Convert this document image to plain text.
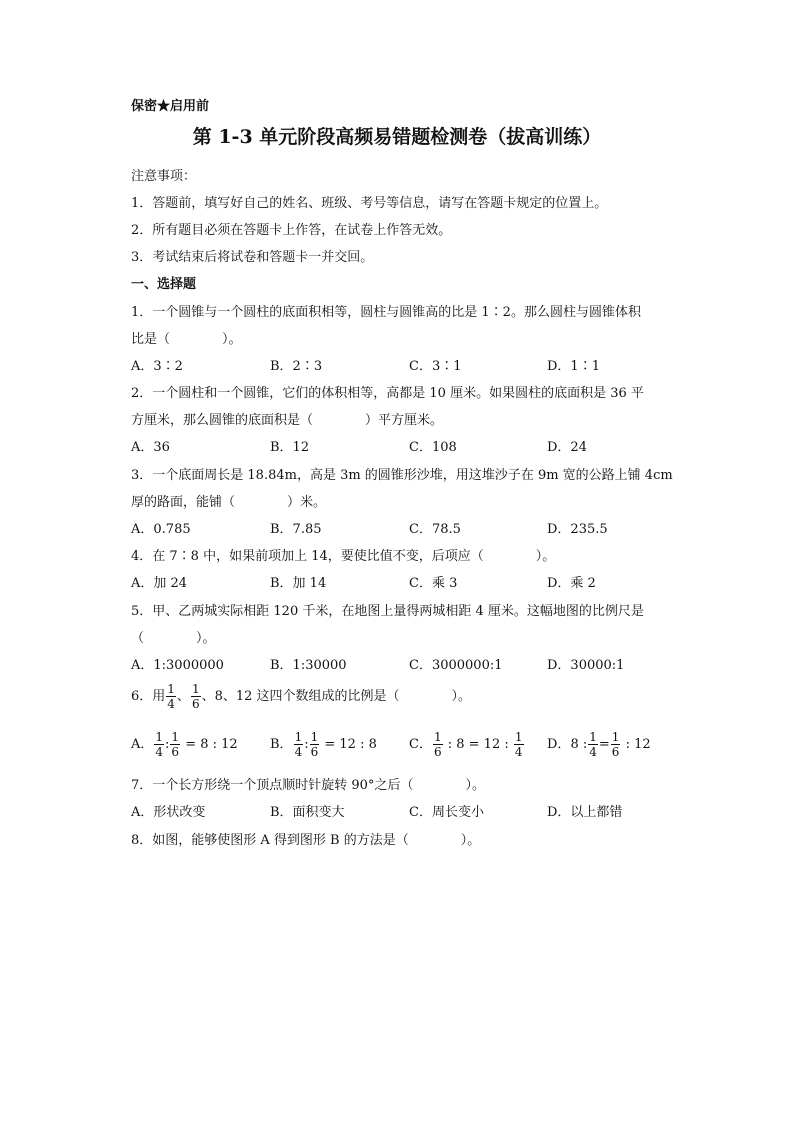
保密★启用前
第 1-3 单元阶段高频易错题检测卷（拔高训练）
注意事项：
1．答题前，填写好自己的姓名、班级、考号等信息，请写在答题卡规定的位置上。
2．所有题目必须在答题卡上作答，在试卷上作答无效。
3．考试结束后将试卷和答题卡一并交回。
一、选择题
1．一个圆锥与一个圆柱的底面积相等，圆柱与圆锥高的比是 1∶2。那么圆柱与圆锥体积
比是（　　　　）。
A．3∶2	B．2∶3	C．3∶1	D．1∶1
2．一个圆柱和一个圆锥，它们的体积相等，高都是 10 厘米。如果圆柱的底面积是 36 平
方厘米，那么圆锥的底面积是（　　　　）平方厘米。
A．36	B．12	C．108	D．24
3．一个底面周长是 18.84m，高是 3m 的圆锥形沙堆，用这堆沙子在 9m 宽的公路上铺 4cm
厚的路面，能铺（　　　　）米。
A．0.785	B．7.85	C．78.5	D．235.5
4．在 7∶8 中，如果前项加上 14，要使比值不变，后项应（　　　　）。
A．加 24	B．加 14	C．乘 3	D．乘 2
5．甲、乙两城实际相距 120 千米，在地图上量得两城相距 4 厘米。这幅地图的比例尺是
（　　　　）。
A．1:3000000	B．1:30000	C．3000000:1	D．30000:1
6．用 $\frac{1}{4}$ 、 $\frac{1}{6}$ 、8、12 这四个数组成的比例是（　　　　）。
A． $\frac{1}{4}$ : $\frac{1}{6} = 8$ : 12 B． $\frac{1}{4}$ : $\frac{1}{6} = 12$ : 8 C． $\frac{1}{6}$ : 8 = 12 : $\frac{1}{4}$ D．8 : $\frac{1}{4} = \frac{1}{6}$ : 12
7．一个长方形绕一个顶点顺时针旋转 90°之后（　　　　）。
A．形状改变	B．面积变大	C．周长变小	D．以上都错
8．如图，能够使图形 A 得到图形 B 的方法是（　　　　）。
